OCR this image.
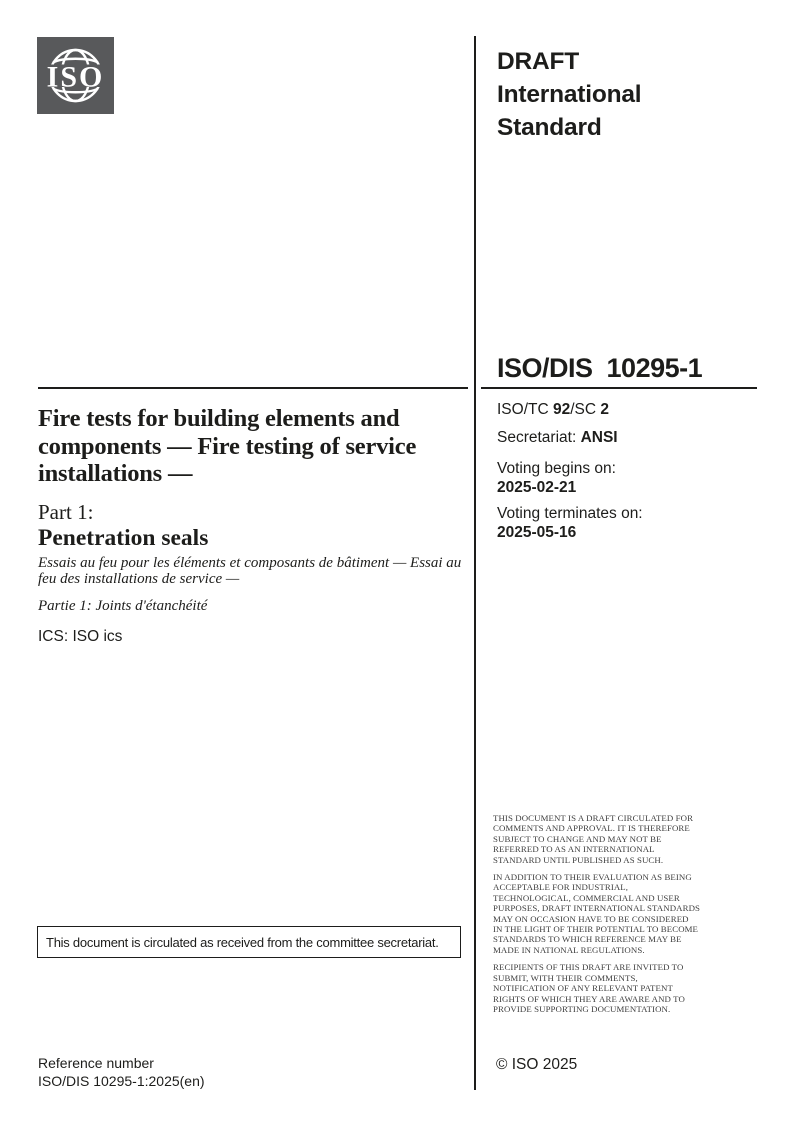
ISO	DRAFT International Standard
ISO/DIS 10295-1
ISO/TC 92/SC 2
Secretariat: ANSI
Voting begins on:
2025-02-21
Voting terminates on:
2025-05-16
Fire tests for building elements and components — Fire testing of service installations —

Part 1:

Penetration seals

Essais au feu pour les éléments et composants de bâtiment — Essai au feu des installations de service —
Partie 1: Joints d'étanchéité
ICS: ISO ics

THIS DOCUMENT IS A DRAFT CIRCULATED FOR COMMENTS AND APPROVAL. IT IS THEREFORE SUBJECT TO CHANGE AND MAY NOT BE REFERRED TO AS AN INTERNATIONAL STANDARD UNTIL PUBLISHED AS SUCH.

IN ADDITION TO THEIR EVALUATION AS BEING ACCEPTABLE FOR INDUSTRIAL, TECHNOLOGICAL, COMMERCIAL AND USER PURPOSES, DRAFT INTERNATIONAL STANDARDS MAY ON OCCASION HAVE TO BE CONSIDERED IN THE LIGHT OF THEIR POTENTIAL TO BECOME STANDARDS TO WHICH REFERENCE MAY BE MADE IN NATIONAL REGULATIONS.

RECIPIENTS OF THIS DRAFT ARE INVITED TO SUBMIT, WITH THEIR COMMENTS, NOTIFICATION OF ANY RELEVANT PATENT RIGHTS OF WHICH THEY ARE AWARE AND TO PROVIDE SUPPORTING DOCUMENTATION.

This document is circulated as received from the committee secretariat.
Reference number
ISO/DIS 10295-1:2025(en)
© ISO 2025
